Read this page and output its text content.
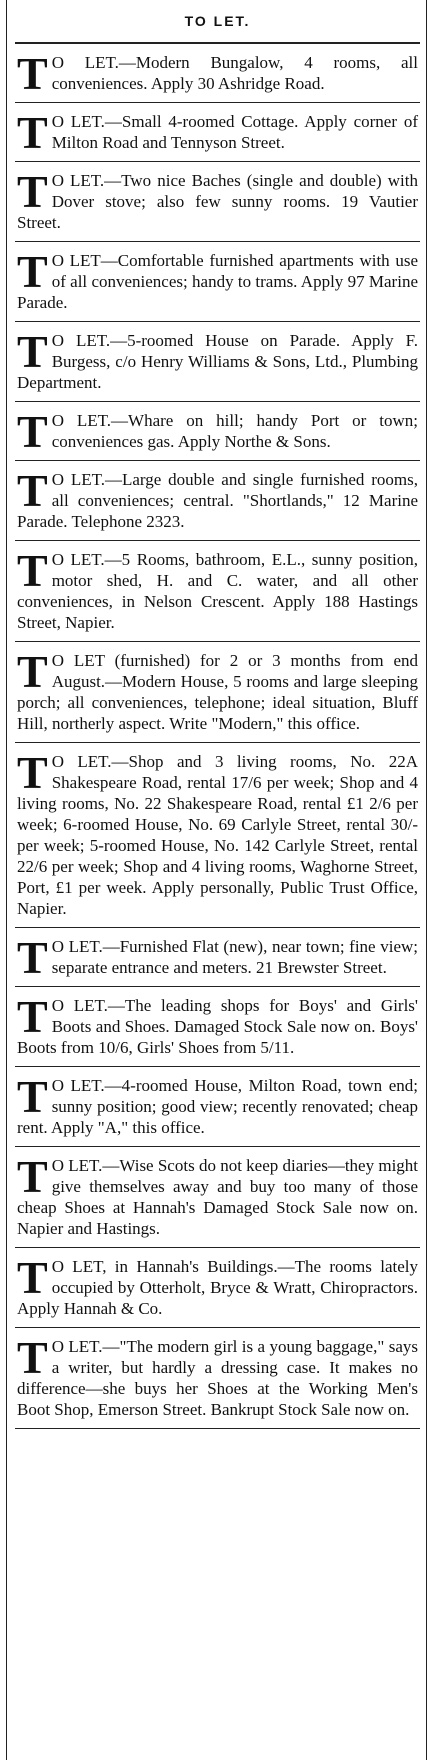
TO LET.
T O LET.—Modern Bungalow, 4 rooms, all conveniences. Apply 30 Ashridge Road.

T O LET.—Small 4-roomed Cottage. Apply corner of Milton Road and Tennyson Street.

T O LET.—Two nice Baches (single and double) with Dover stove; also few sunny rooms. 19 Vautier Street.

T O LET—Comfortable furnished apartments with use of all conveniences; handy to trams. Apply 97 Marine Parade.

T O LET.—5-roomed House on Parade. Apply F. Burgess, c/o Henry Williams & Sons, Ltd., Plumbing Department.

T O LET.—Whare on hill; handy Port or town; conveniences gas. Apply Northe & Sons.

T O LET.—Large double and single furnished rooms, all conveniences; central. "Shortlands," 12 Marine Parade. Telephone 2323.

T O LET.—5 Rooms, bathroom, E.L., sunny position, motor shed, H. and C. water, and all other conveniences, in Nelson Crescent. Apply 188 Hastings Street, Napier.

T O LET (furnished) for 2 or 3 months from end August.—Modern House, 5 rooms and large sleeping porch; all conveniences, telephone; ideal situation, Bluff Hill, northerly aspect. Write "Modern," this office.

T O LET.—Shop and 3 living rooms, No. 22A Shakespeare Road, rental 17/6 per week; Shop and 4 living rooms, No. 22 Shakespeare Road, rental £1 2/6 per week; 6-roomed House, No. 69 Carlyle Street, rental 30/- per week; 5-roomed House, No. 142 Carlyle Street, rental 22/6 per week; Shop and 4 living rooms, Waghorne Street, Port, £1 per week. Apply personally, Public Trust Office, Napier.

T O LET.—Furnished Flat (new), near town; fine view; separate entrance and meters. 21 Brewster Street.

T O LET.—The leading shops for Boys' and Girls' Boots and Shoes. Damaged Stock Sale now on. Boys' Boots from 10/6, Girls' Shoes from 5/11.

T O LET.—4-roomed House, Milton Road, town end; sunny position; good view; recently renovated; cheap rent. Apply "A," this office.

T O LET.—Wise Scots do not keep diaries—they might give themselves away and buy too many of those cheap Shoes at Hannah's Damaged Stock Sale now on. Napier and Hastings.

T O LET, in Hannah's Buildings.—The rooms lately occupied by Otterholt, Bryce & Wratt, Chiropractors. Apply Hannah & Co.

T O LET.—"The modern girl is a young baggage," says a writer, but hardly a dressing case. It makes no difference—she buys her Shoes at the Working Men's Boot Shop, Emerson Street. Bankrupt Stock Sale now on.
